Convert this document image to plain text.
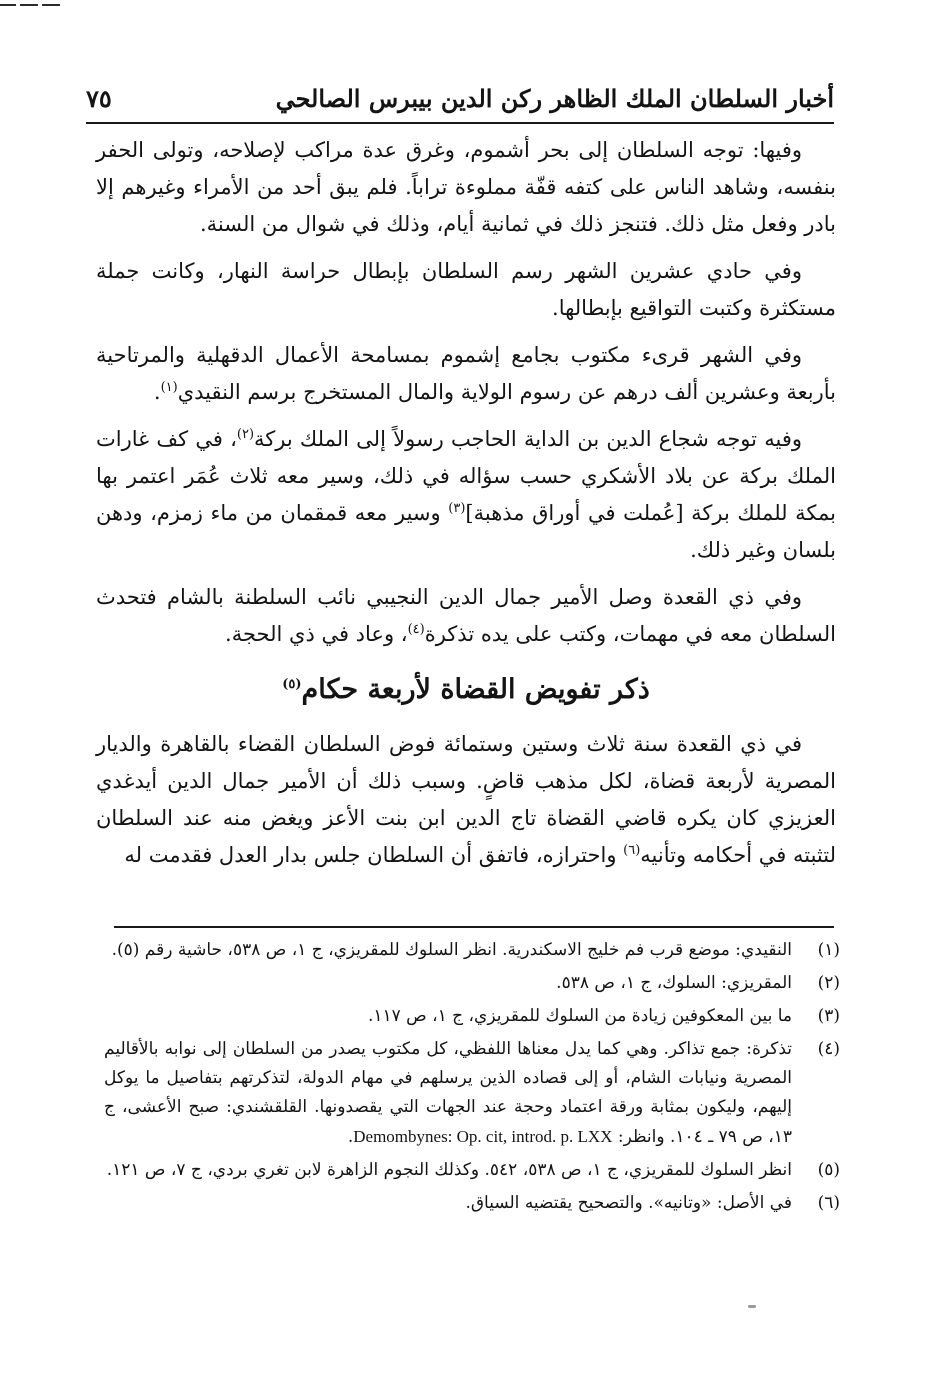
أخبار السلطان الملك الظاهر ركن الدين بيبرس الصالحي
٧٥

وفيها: توجه السلطان إلى بحر أشموم، وغرق عدة مراكب لإصلاحه، وتولى الحفر بنفسه، وشاهد الناس على كتفه قفّة مملوءة تراباً. فلم يبق أحد من الأمراء وغيرهم إلا بادر وفعل مثل ذلك. فتنجز ذلك في ثمانية أيام، وذلك في شوال من السنة.

وفي حادي عشرين الشهر رسم السلطان بإبطال حراسة النهار، وكانت جملة مستكثرة وكتبت التواقيع بإبطالها.

وفي الشهر قرىء مكتوب بجامع إشموم بمسامحة الأعمال الدقهلية والمرتاحية بأربعة وعشرين ألف درهم عن رسوم الولاية والمال المستخرج برسم النقيدي$^{(١)}$.

وفيه توجه شجاع الدين بن الداية الحاجب رسولاً إلى الملك بركة$^{(٢)}$، في كف غارات الملك بركة عن بلاد الأشكري حسب سؤاله في ذلك، وسير معه ثلاث عُمَر اعتمر بها بمكة للملك بركة [عُملت في أوراق مذهبة]$^{(٣)}$ وسير معه قمقمان من ماء زمزم، ودهن بلسان وغير ذلك.

وفي ذي القعدة وصل الأمير جمال الدين النجيبي نائب السلطنة بالشام فتحدث السلطان معه في مهمات، وكتب على يده تذكرة$^{(٤)}$، وعاد في ذي الحجة.

ذكر تفويض القضاة لأربعة حكام$^{(٥)}$

في ذي القعدة سنة ثلاث وستين وستمائة فوض السلطان القضاء بالقاهرة والديار المصرية لأربعة قضاة، لكل مذهب قاضٍ. وسبب ذلك أن الأمير جمال الدين أيدغدي العزيزي كان يكره قاضي القضاة تاج الدين ابن بنت الأعز ويغض منه عند السلطان لتثبته في أحكامه وتأنيه$^{(٦)}$ واحترازه، فاتفق أن السلطان جلس بدار العدل فقدمت له

(١)
النقيدي: موضع قرب فم خليج الاسكندرية. انظر السلوك للمقريزي، ج ١، ص ٥٣٨، حاشية رقم (٥).
(٢)
المقريزي: السلوك، ج ١، ص ٥٣٨.
(٣)
ما بين المعكوفين زيادة من السلوك للمقريزي، ج ١، ص ١١٧.
(٤)
تذكرة: جمع تذاكر. وهي كما يدل معناها اللفظي، كل مكتوب يصدر من السلطان إلى نوابه بالأقاليم المصرية ونيابات الشام، أو إلى قصاده الذين يرسلهم في مهام الدولة، لتذكرتهم بتفاصيل ما يوكل إليهم، وليكون بمثابة ورقة اعتماد وحجة عند الجهات التي يقصدونها. القلقشندي: صبح الأعشى، ج ١٣، ص ٧٩ ـ ١٠٤. وانظر: Demombynes: Op. cit, introd. p. LXX.
(٥)
انظر السلوك للمقريزي، ج ١، ص ٥٣٨، ٥٤٢. وكذلك النجوم الزاهرة لابن تغري بردي، ج ٧، ص ١٢١.
(٦)
في الأصل: «وتانيه». والتصحيح يقتضيه السياق.
